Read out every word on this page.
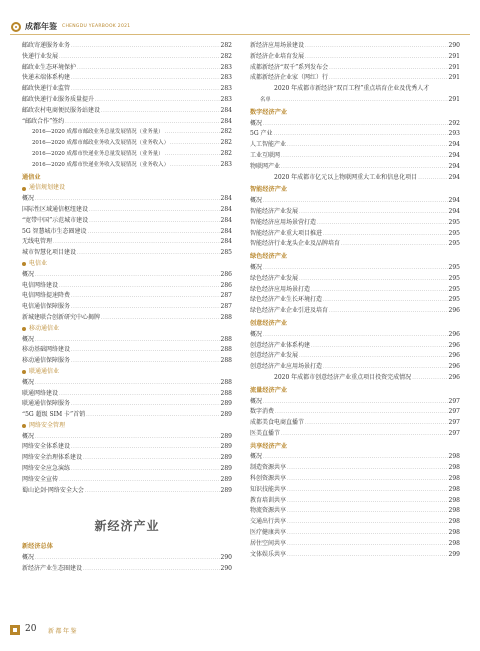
成都年鉴 CHENGDU YEARBOOK 2021
邮政寄递服务业务 .....	282
快递行业发展 .....	282
邮政业生态环境保护 .....	283
快递末端体系构建 .....	283
邮政快递行业监管 .....	283
邮政快递行业服务质量提升 .....	283
邮政农村电商便民服务站建设 .....	284
“邮政合作”签约 .....	284
2016—2020 成都市邮政业务总量发展情况（业务量） .....	282
2016—2020 成都市邮政业务收入发展情况（业务收入） .....	282
2016—2020 成都市快递业务总量发展情况（业务量） .....	282
2016—2020 成都市快递业务收入发展情况（业务收入） .....	283
通信业
通信规划建设
概况 .....	284
国际性区域通信枢纽建设 .....	284
“宽带中国”示范城市建设 .....	284
5G 智慧城市生态圈建设 .....	284
无线电管理 .....	284
城市智慧化项目建设 .....	285
电信业
概况 .....	286
电信网络建设 .....	286
电信网络提速降费 .....	287
电信通信保障服务 .....	287
新城建联合创新研究中心揭牌 .....	288
移动通信业
概况 .....	288
移动基础网络建设 .....	288
移动通信保障服务 .....	288
联通通信业
概况 .....	288
联通网络建设 .....	288
联通通信保障服务 .....	289
“5G 超级 SIM 卡”首销 .....	289
网络安全管理
概况 .....	289
网络安全体系建设 .....	289
网络安全治理体系建设 .....	289
网络安全应急演练 .....	289
网络安全宣传 .....	289
蜀山论剑·网络安全大会 .....	289
新经济产业
新经济总体
概况 .....	290
新经济产业生态圈建设 .....	290
新经济应用场景建设 .....	290
新经济企业培育发展 .....	291
成都新经济“双千”系列发布会 .....	291
成都新经济企业家（网红）行 .....	291
2020 年成都市新经济“双百工程”重点培育企业及优秀人才
名单 .....	291
数字经济产业
概况 .....	292
5G 产业 .....	293
人工智能产业 .....	294
工业互联网 .....	294
物联网产业 .....	294
2020 年成都市亿元以上物联网重大工业和信息化项目 .....	294
智能经济产业
概况 .....	294
智能经济产业发展 .....	294
智能经济应用场景营打造 .....	295
智能经济产业重大项目推进 .....	295
智能经济行业龙头企业及品牌培育 .....	295
绿色经济产业
概况 .....	295
绿色经济产业发展 .....	295
绿色经济应用场景打造 .....	295
绿色经济产业生长环境打造 .....	295
绿色经济产业企业引进及培育 .....	296
创意经济产业
概况 .....	296
创意经济产业体系构建 .....	296
创意经济产业发展 .....	296
创意经济产业应用场景打造 .....	296
2020 年成都市创意经济产业重点项目投资完成情况 .....	296
流量经济产业
概况 .....	297
数字消费 .....	297
成都美食电商直播节 .....	297
医美直播节 .....	297
共享经济产业
概况 .....	298
制造资源共享 .....	298
科创资源共享 .....	298
知识技能共享 .....	298
教育培训共享 .....	298
物流资源共享 .....	298
交通出行共享 .....	298
医疗健康共享 .....	298
居住空间共享 .....	298
文体娱乐共享 .....	299
20 新都年鉴
